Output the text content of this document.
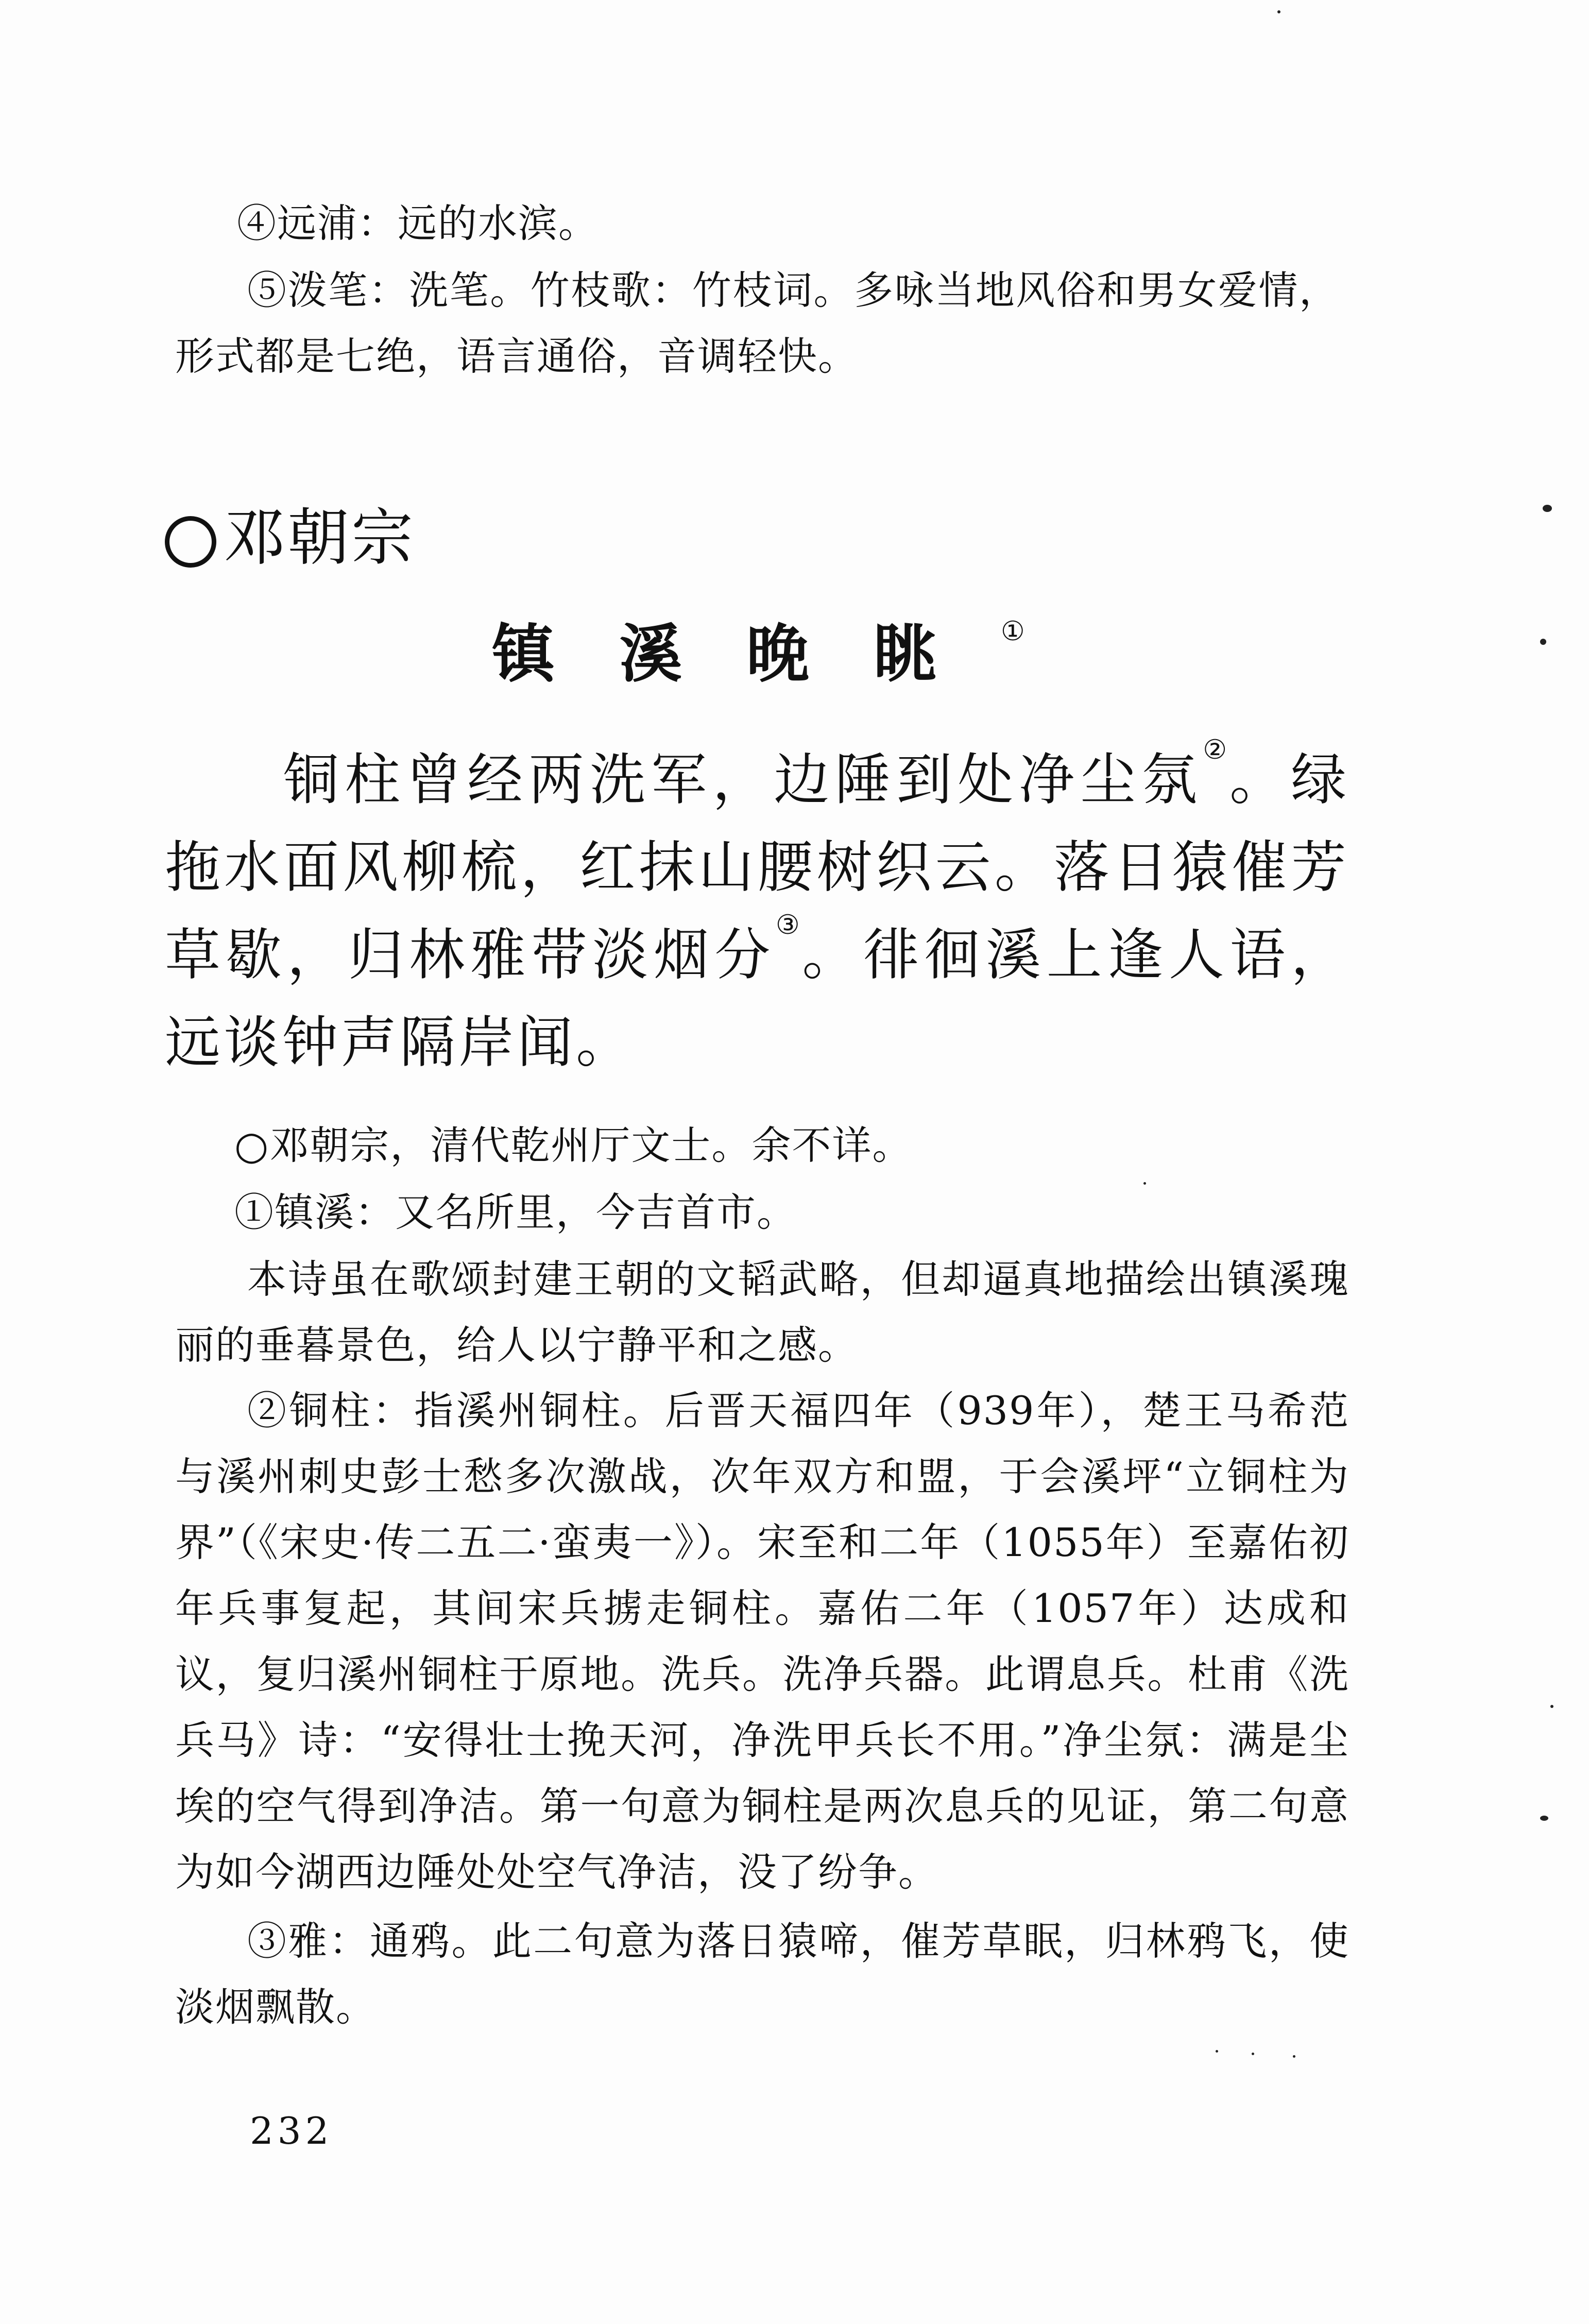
④远浦：远的水滨。
⑤泼笔：洗笔。竹枝歌：竹枝词。多咏当地风俗和男女爱情，形式都是七绝，语言通俗，音调轻快。
邓朝宗
镇溪晚眺①
铜柱曾经两洗军，边陲到处净尘氛②。绿拖水面风柳梳，红抹山腰树织云。落日猿催芳草歇，归林雅带淡烟分③。徘徊溪上逢人语，远谈钟声隔岸闻。
○邓朝宗，清代乾州厅文士。余不详。
①镇溪：又名所里，今吉首市。
本诗虽在歌颂封建王朝的文韬武略，但却逼真地描绘出镇溪瑰丽的垂暮景色，给人以宁静平和之感。
②铜柱：指溪州铜柱。后晋天福四年（939年），楚王马希范与溪州刺史彭士愁多次激战，次年双方和盟，于会溪坪“立铜柱为界”（《宋史·传二五二·蛮夷一》）。宋至和二年（1055年）至嘉佑初年兵事复起，其间宋兵掳走铜柱。嘉佑二年（1057年）达成和议，复归溪州铜柱于原地。洗兵。洗净兵器。此谓息兵。杜甫《洗兵马》诗：“安得壮士挽天河，净洗甲兵长不用。”净尘氛：满是尘埃的空气得到净洁。第一句意为铜柱是两次息兵的见证，第二句意为如今湖西边陲处处空气净洁，没了纷争。
③雅：通鸦。此二句意为落日猿啼，催芳草眠，归林鸦飞，使淡烟飘散。
232
